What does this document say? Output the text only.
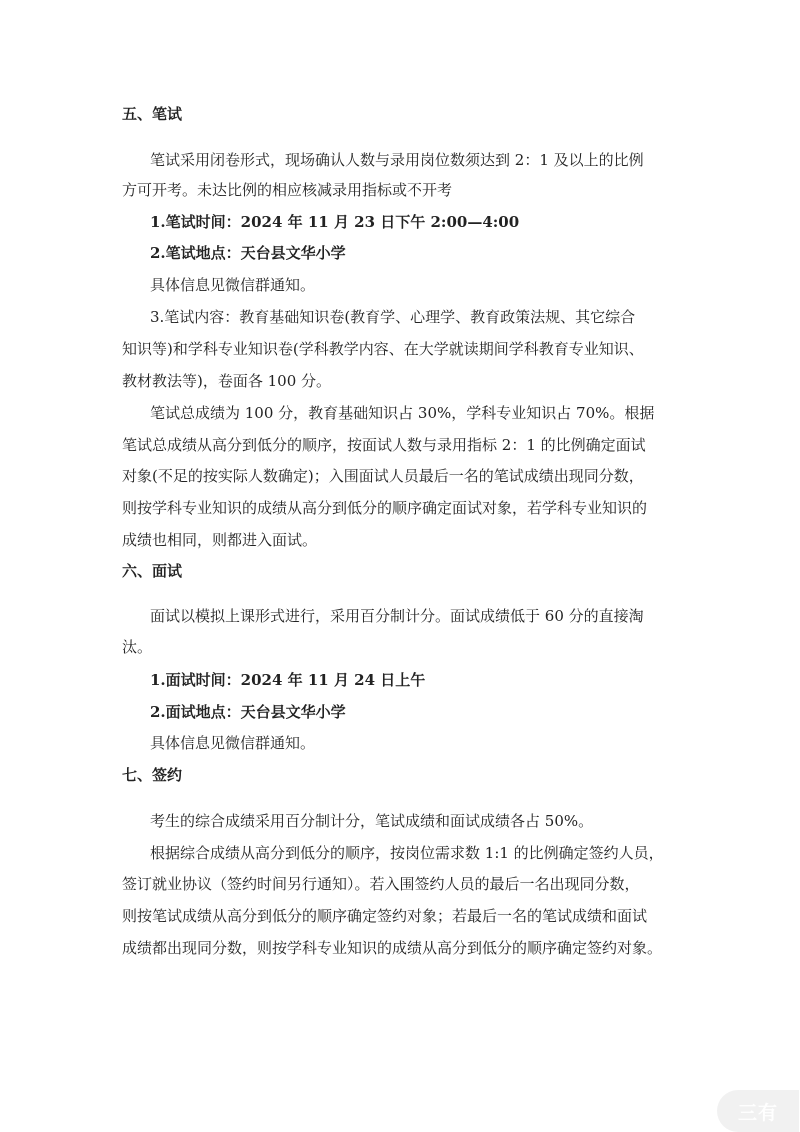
五、笔试
笔试采用闭卷形式，现场确认人数与录用岗位数须达到 2：1 及以上的比例
方可开考。未达比例的相应核减录用指标或不开考
1.笔试时间：2024 年 11 月 23 日下午 2:00—4:00
2.笔试地点：天台县文华小学
具体信息见微信群通知。
3.笔试内容：教育基础知识卷(教育学、心理学、教育政策法规、其它综合
知识等)和学科专业知识卷(学科教学内容、在大学就读期间学科教育专业知识、
教材教法等)，卷面各 100 分。
笔试总成绩为 100 分，教育基础知识占 30%，学科专业知识占 70%。根据
笔试总成绩从高分到低分的顺序，按面试人数与录用指标 2：1 的比例确定面试
对象(不足的按实际人数确定)；入围面试人员最后一名的笔试成绩出现同分数，
则按学科专业知识的成绩从高分到低分的顺序确定面试对象，若学科专业知识的
成绩也相同，则都进入面试。
六、面试
面试以模拟上课形式进行，采用百分制计分。面试成绩低于 60 分的直接淘
汰。
1.面试时间：2024 年 11 月 24 日上午
2.面试地点：天台县文华小学
具体信息见微信群通知。
七、签约
考生的综合成绩采用百分制计分，笔试成绩和面试成绩各占 50%。
根据综合成绩从高分到低分的顺序，按岗位需求数 1:1 的比例确定签约人员，
签订就业协议（签约时间另行通知）。若入围签约人员的最后一名出现同分数，
则按笔试成绩从高分到低分的顺序确定签约对象；若最后一名的笔试成绩和面试
成绩都出现同分数，则按学科专业知识的成绩从高分到低分的顺序确定签约对象。
三有
